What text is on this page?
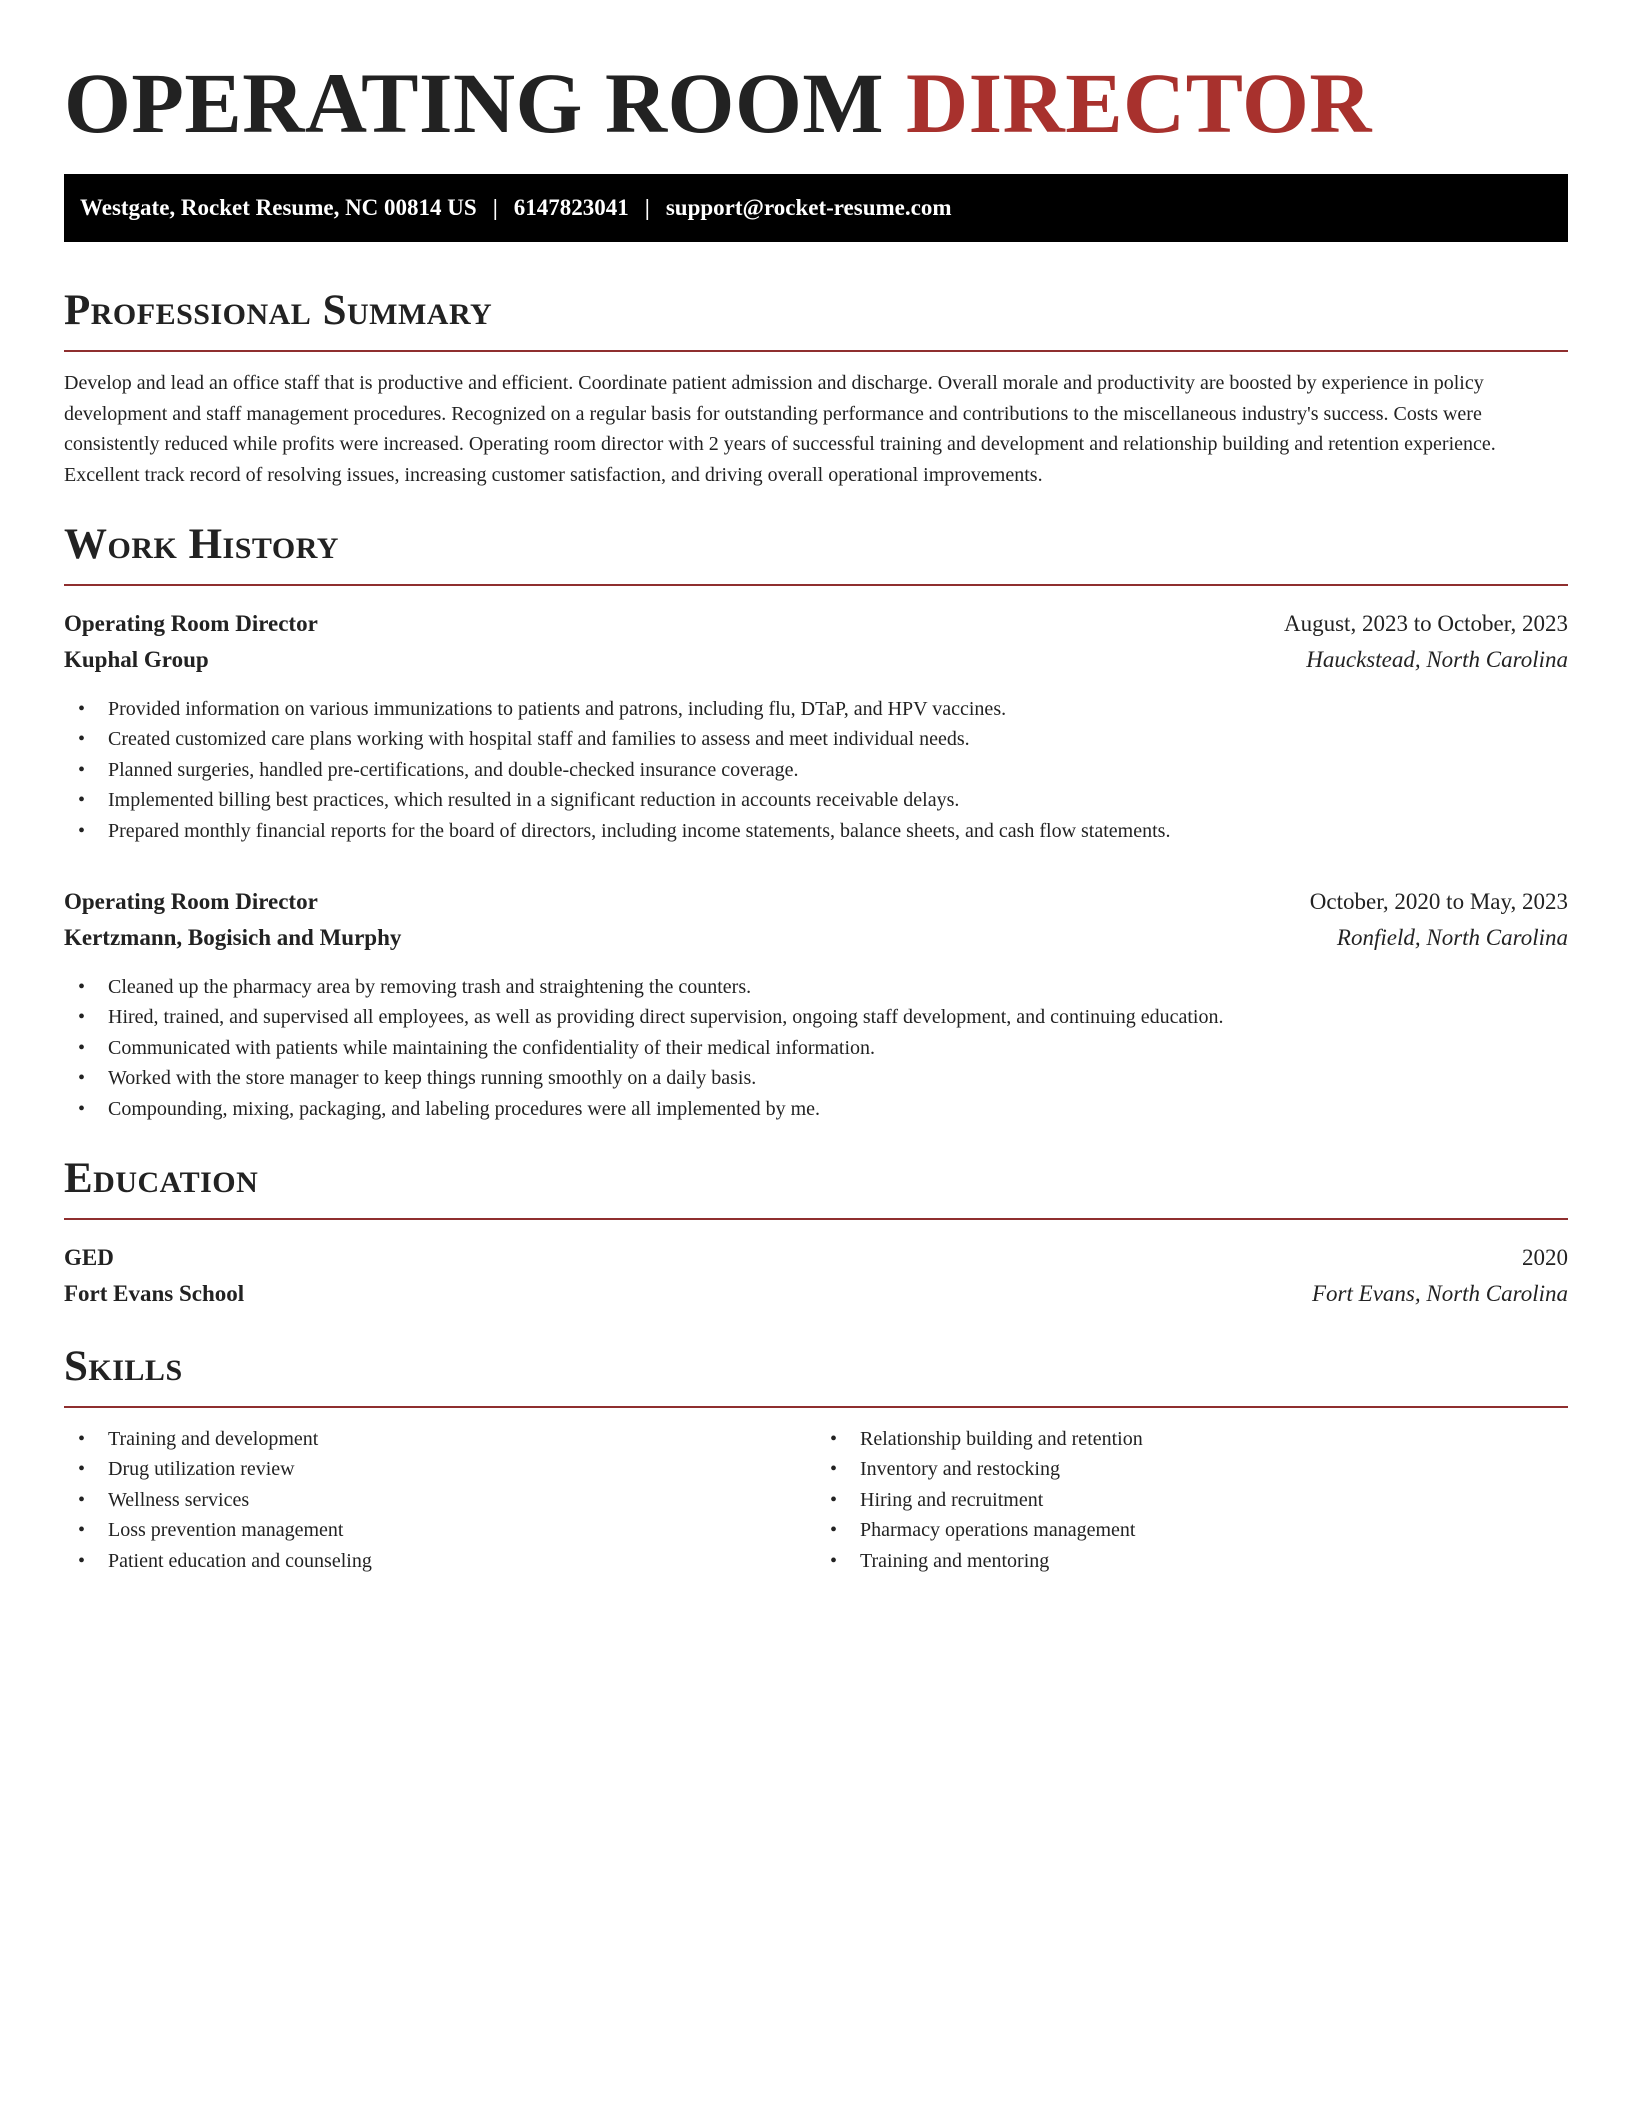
OPERATING ROOM DIRECTOR
Westgate, Rocket Resume, NC 00814 US | 6147823041 | support@rocket-resume.com
Professional Summary

Develop and lead an office staff that is productive and efficient. Coordinate patient admission and discharge. Overall morale and productivity are boosted by experience in policy development and staff management procedures. Recognized on a regular basis for outstanding performance and contributions to the miscellaneous industry's success. Costs were consistently reduced while profits were increased. Operating room director with 2 years of successful training and development and relationship building and retention experience. Excellent track record of resolving issues, increasing customer satisfaction, and driving overall operational improvements.

Work History
Operating Room Director	August, 2023 to October, 2023
Kuphal Group	Hauckstead, North Carolina
• Provided information on various immunizations to patients and patrons, including flu, DTaP, and HPV vaccines.
• Created customized care plans working with hospital staff and families to assess and meet individual needs.
• Planned surgeries, handled pre-certifications, and double-checked insurance coverage.
• Implemented billing best practices, which resulted in a significant reduction in accounts receivable delays.
• Prepared monthly financial reports for the board of directors, including income statements, balance sheets, and cash flow statements.
Operating Room Director	October, 2020 to May, 2023
Kertzmann, Bogisich and Murphy	Ronfield, North Carolina
• Cleaned up the pharmacy area by removing trash and straightening the counters.
• Hired, trained, and supervised all employees, as well as providing direct supervision, ongoing staff development, and continuing education.
• Communicated with patients while maintaining the confidentiality of their medical information.
• Worked with the store manager to keep things running smoothly on a daily basis.
• Compounding, mixing, packaging, and labeling procedures were all implemented by me.
Education
GED	2020
Fort Evans School	Fort Evans, North Carolina
Skills
• Training and development
• Drug utilization review
• Wellness services
• Loss prevention management
• Patient education and counseling
• Relationship building and retention
• Inventory and restocking
• Hiring and recruitment
• Pharmacy operations management
• Training and mentoring
